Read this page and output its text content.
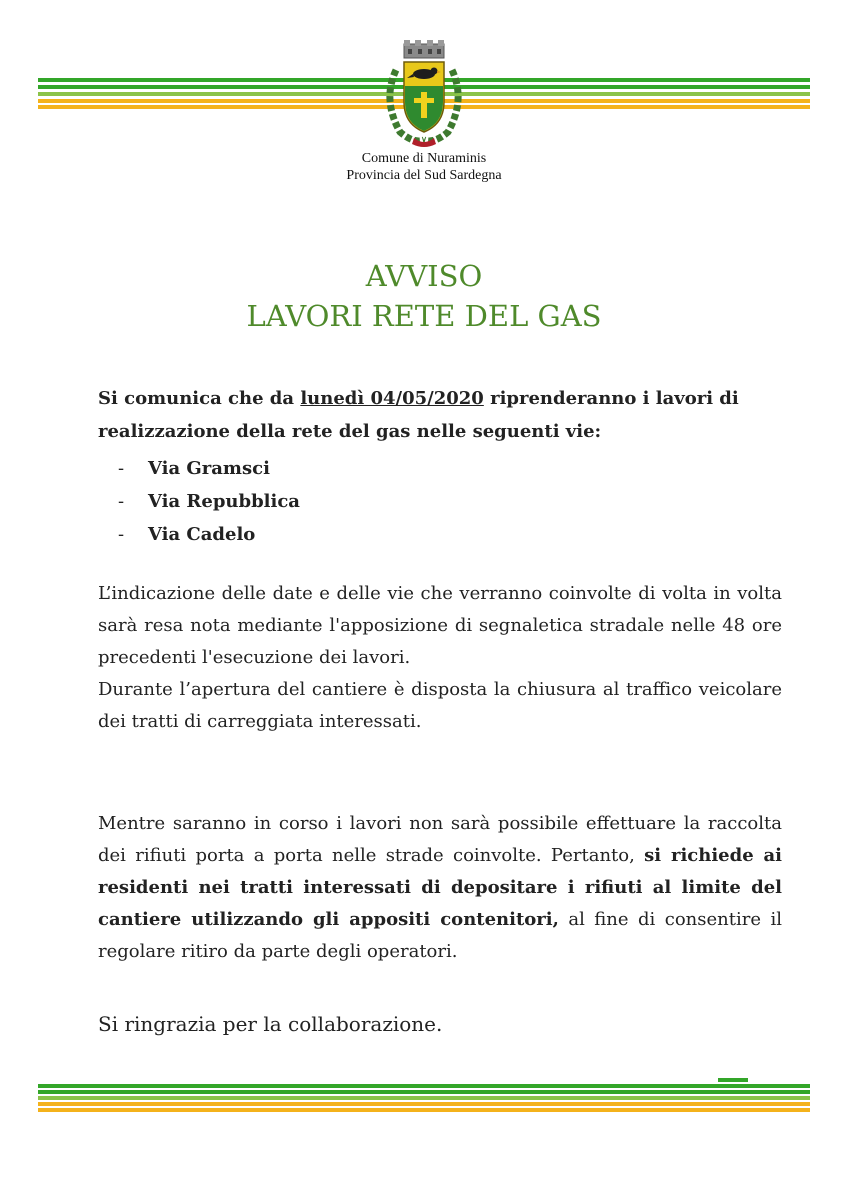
Comune di Nuraminis
Provincia del Sud Sardegna
AVVISO
LAVORI RETE DEL GAS
Si comunica che da lunedì 04/05/2020 riprenderanno i lavori di realizzazione della rete del gas nelle seguenti vie:
- Via Gramsci
- Via Repubblica
- Via Cadelo
L’indicazione delle date e delle vie che verranno coinvolte di volta in volta sarà resa nota mediante l'apposizione di segnaletica stradale nelle 48 ore precedenti l'esecuzione dei lavori.
Durante l’apertura del cantiere è disposta la chiusura al traffico veicolare dei tratti di carreggiata interessati.
Mentre saranno in corso i lavori non sarà possibile effettuare la raccolta dei rifiuti porta a porta nelle strade coinvolte. Pertanto, si richiede ai residenti nei tratti interessati di depositare i rifiuti al limite del cantiere utilizzando gli appositi contenitori, al fine di consentire il regolare ritiro da parte degli operatori.
Si ringrazia per la collaborazione.
